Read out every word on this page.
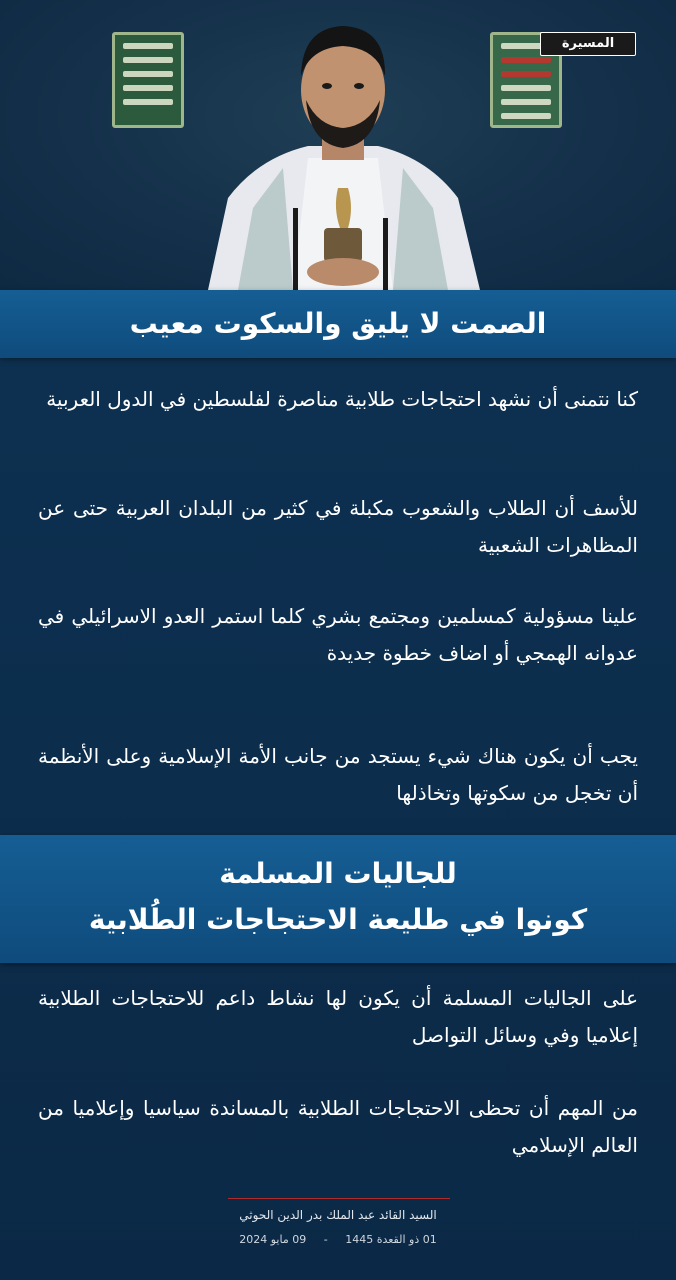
المسيرة
الصمت لا يليق والسكوت معيب

كنا نتمنى أن نشهد احتجاجات طلابية مناصرة لفلسطين في الدول العربية

للأسف أن الطلاب والشعوب مكبلة في كثير من البلدان العربية حتى عن المظاهرات الشعبية

علينا مسؤولية كمسلمين ومجتمع بشري كلما استمر العدو الاسرائيلي في عدوانه الهمجي أو اضاف خطوة جديدة

يجب أن يكون هناك شيء يستجد من جانب الأمة الإسلامية وعلى الأنظمة أن تخجل من سكوتها وتخاذلها

للجاليات المسلمة
كونوا في طليعة الاحتجاجات الطُلابية

على الجاليات المسلمة أن يكون لها نشاط داعم للاحتجاجات الطلابية إعلاميا وفي وسائل التواصل

من المهم أن تحظى الاحتجاجات الطلابية بالمساندة سياسيا وإعلاميا من العالم الإسلامي

السيد القائد عبد الملك بدر الدين الحوثي
01 ذو القعدة 1445 - 09 مايو 2024
